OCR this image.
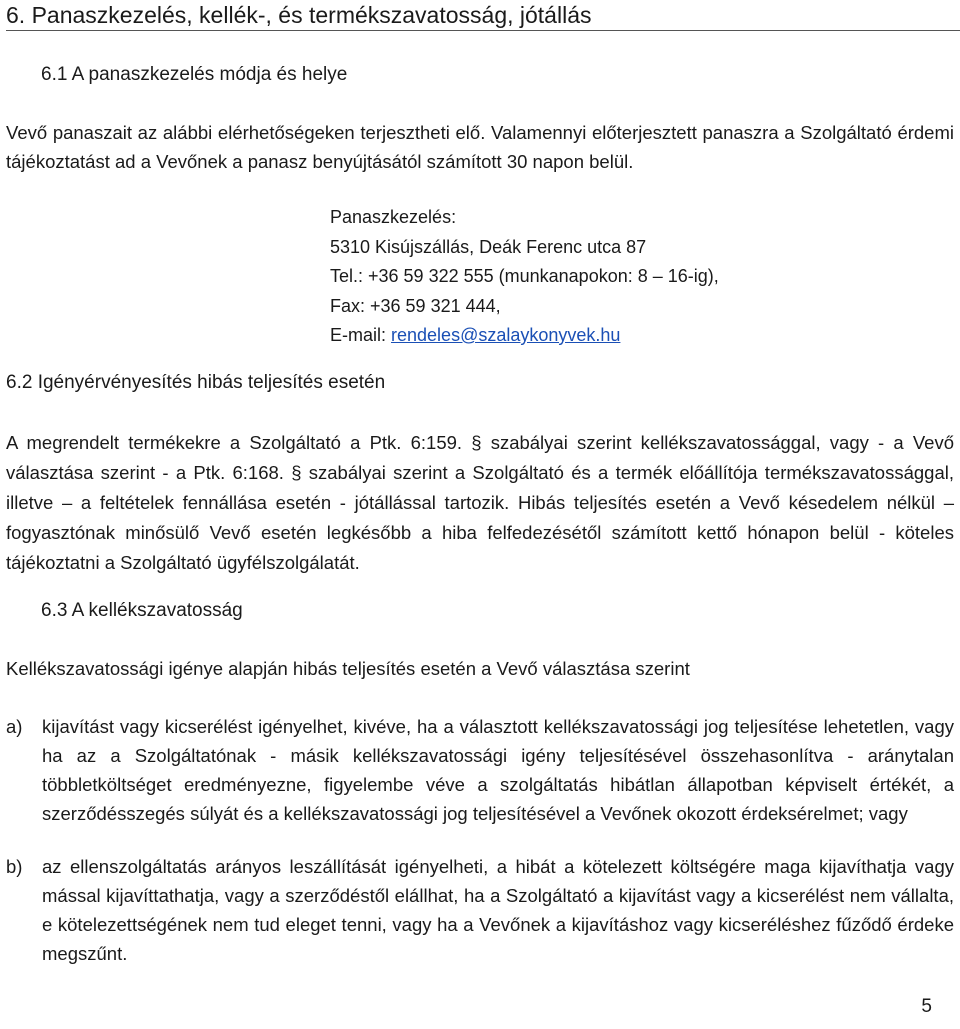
6. Panaszkezelés, kellék-, és termékszavatosság, jótállás
6.1 A panaszkezelés módja és helye
Vevő panaszait az alábbi elérhetőségeken terjesztheti elő. Valamennyi előterjesztett panaszra a Szolgáltató érdemi tájékoztatást ad a Vevőnek a panasz benyújtásától számított 30 napon belül.
Panaszkezelés:
5310 Kisújszállás, Deák Ferenc utca 87
Tel.: +36 59 322 555 (munkanapokon: 8 – 16-ig),
Fax: +36 59 321 444,
E-mail: rendeles@szalaykonyvek.hu
6.2 Igényérvényesítés hibás teljesítés esetén
A megrendelt termékekre a Szolgáltató a Ptk. 6:159. § szabályai szerint kellékszavatossággal, vagy - a Vevő választása szerint - a Ptk. 6:168. § szabályai szerint a Szolgáltató és a termék előállítója termékszavatossággal, illetve – a feltételek fennállása esetén - jótállással tartozik. Hibás teljesítés esetén a Vevő késedelem nélkül – fogyasztónak minősülő Vevő esetén legkésőbb a hiba felfedezésétől számított kettő hónapon belül - köteles tájékoztatni a Szolgáltató ügyfélszolgálatát.
6.3 A kellékszavatosság
Kellékszavatossági igénye alapján hibás teljesítés esetén a Vevő választása szerint
a)	kijavítást vagy kicserélést igényelhet, kivéve, ha a választott kellékszavatossági jog teljesítése lehetetlen, vagy ha az a Szolgáltatónak - másik kellékszavatossági igény teljesítésével összehasonlítva - aránytalan többletköltséget eredményezne, figyelembe véve a szolgáltatás hibátlan állapotban képviselt értékét, a szerződésszegés súlyát és a kellékszavatossági jog teljesítésével a Vevőnek okozott érdeksérelmet; vagy
b)	az ellenszolgáltatás arányos leszállítását igényelheti, a hibát a kötelezett költségére maga kijavíthatja vagy mással kijavíttathatja, vagy a szerződéstől elállhat, ha a Szolgáltató a kijavítást vagy a kicserélést nem vállalta, e kötelezettségének nem tud eleget tenni, vagy ha a Vevőnek a kijavításhoz vagy kicseréléshez fűződő érdeke megszűnt.
5
